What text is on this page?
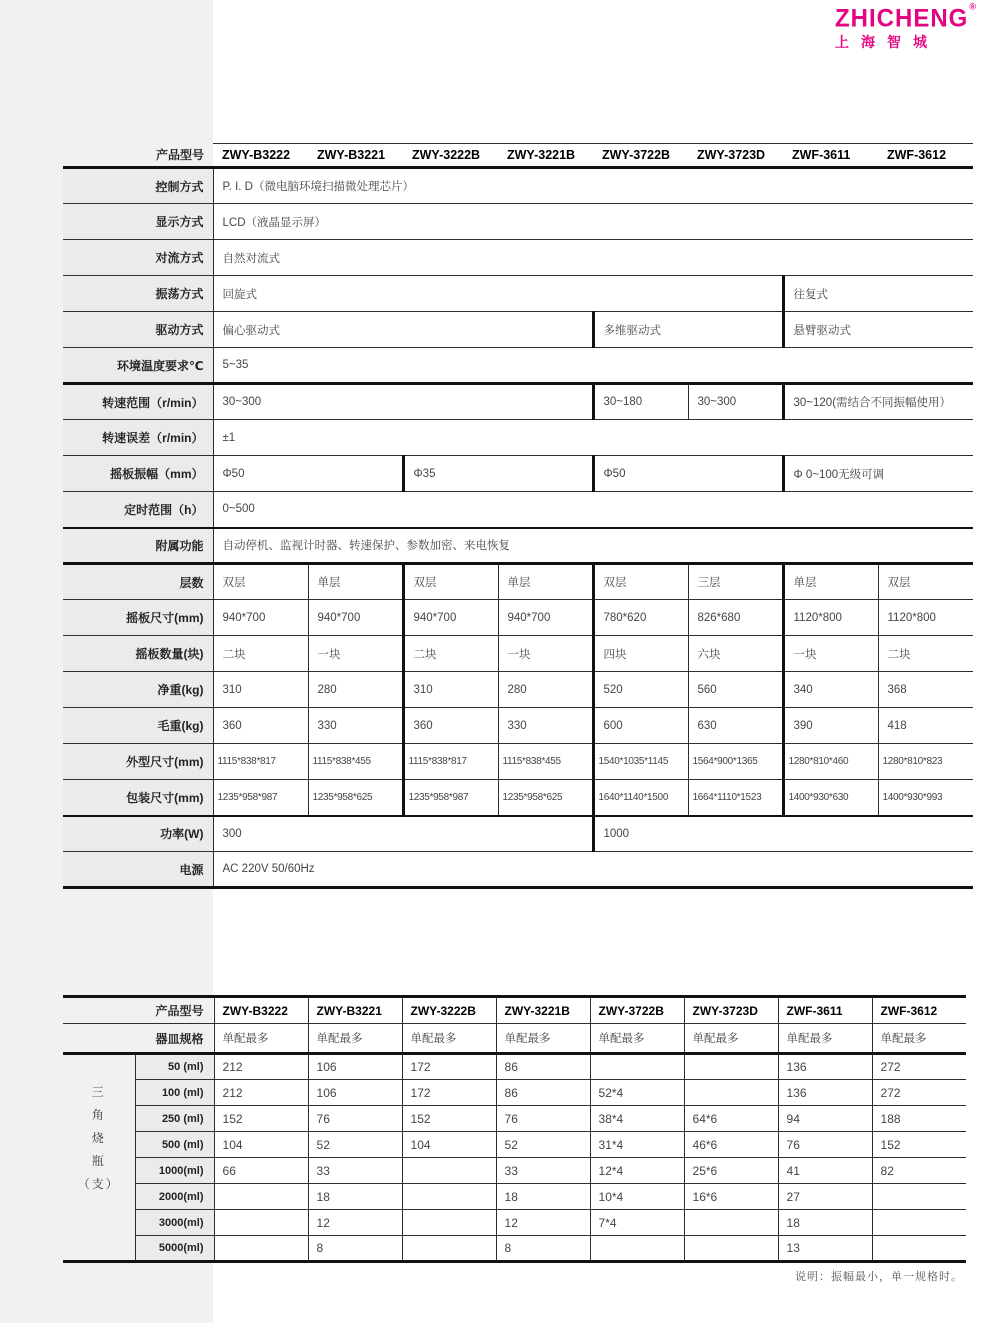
ZHICHENG®
上海智城
产品型号	ZWY-B3222	ZWY-B3221	ZWY-3222B	ZWY-3221B	ZWY-3722B	ZWY-3723D	ZWF-3611	ZWF-3612
控制方式	P. I. D（微电脑环境扫描微处理芯片）							
显示方式	LCD（液晶显示屏）							
对流方式	自然对流式							
振荡方式	回旋式						往复式	
驱动方式	偏心驱动式				多维驱动式		悬臂驱动式	
环境温度要求℃	5~35							
转速范围（r/min）	30~300				30~180	30~300	30~120(需结合不同振幅使用）	
转速误差（r/min）	±1							
摇板振幅（mm）	Φ50		Φ35		Φ50		Φ 0~100无级可调	
定时范围（h）	0~500							
附属功能	自动停机、监视计时器、转速保护、参数加密、来电恢复							
层数	双层	单层	双层	单层	双层	三层	单层	双层
摇板尺寸(mm)	940*700	940*700	940*700	940*700	780*620	826*680	1120*800	1120*800
摇板数量(块)	二块	一块	二块	一块	四块	六块	一块	二块
净重(kg)	310	280	310	280	520	560	340	368
毛重(kg)	360	330	360	330	600	630	390	418
外型尺寸(mm)	1115*838*817	1115*838*455	1115*838*817	1115*838*455	1540*1035*1145	1564*900*1365	1280*810*460	1280*810*823
包装尺寸(mm)	1235*958*987	1235*958*625	1235*958*987	1235*958*625	1640*1140*1500	1664*1110*1523	1400*930*630	1400*930*993
功率(W)	300				1000			
电源	AC 220V 50/60Hz							
产品型号		ZWY-B3222	ZWY-B3221	ZWY-3222B	ZWY-3221B	ZWY-3722B	ZWY-3723D	ZWF-3611	ZWF-3612
器皿规格		单配最多	单配最多	单配最多	单配最多	单配最多	单配最多	单配最多	单配最多

三
角
烧
瓶
（支）	50 (ml)	212	106	172	86			136	272
	100 (ml)	212	106	172	86	52*4		136	272
	250 (ml)	152	76	152	76	38*4	64*6	94	188
	500 (ml)	104	52	104	52	31*4	46*6	76	152
	1000(ml)	66	33		33	12*4	25*6	41	82
	2000(ml)		18		18	10*4	16*6	27	
	3000(ml)		12		12	7*4		18	
	5000(ml)		8		8			13	
说明：振幅最小，单一规格时。
